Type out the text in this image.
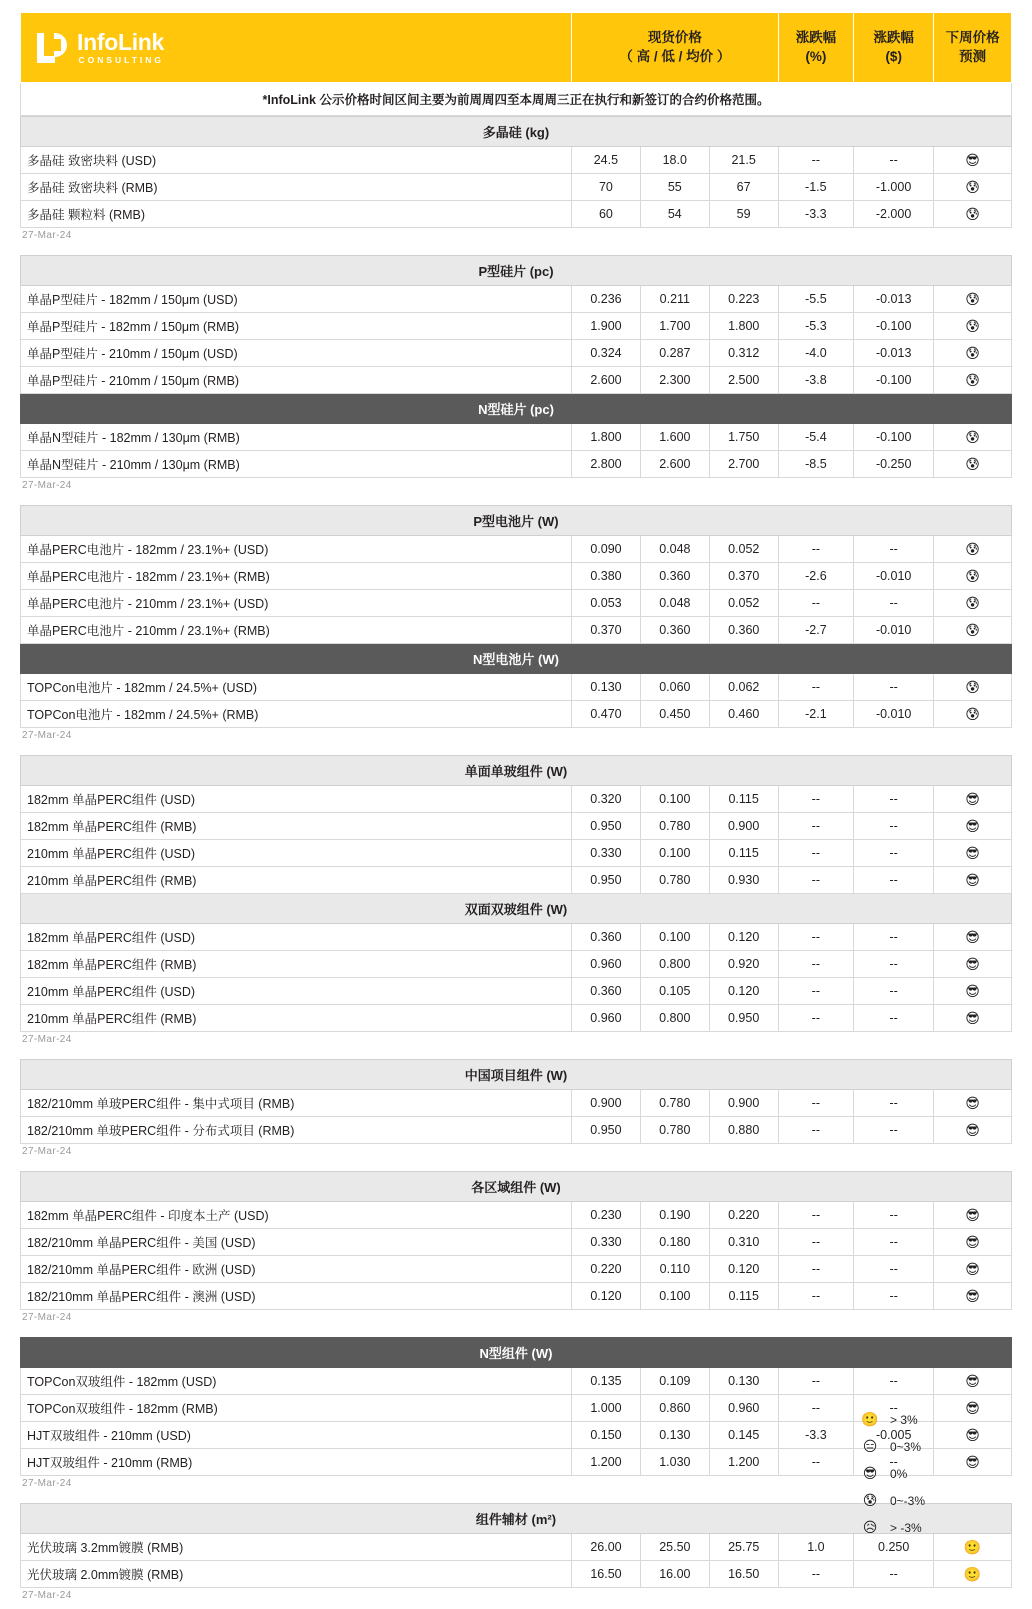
InfoLink
CONSULTING

现货价格
（ 高 / 低 / 均价 ）

涨跌幅
(%)

涨跌幅
($)

下周价格
预测

*InfoLink 公示价格时间区间主要为前周周四至本周周三正在执行和新签订的合约价格范围。
多晶硅 (kg)						
多晶硅 致密块料 (USD)	24.5	18.0	21.5	--	--	😎
多晶硅 致密块料 (RMB)	70	55	67	-1.5	-1.000	😰
多晶硅 颗粒料 (RMB)	60	54	59	-3.3	-2.000	😰
27-Mar-24
P型硅片 (pc)						
单晶P型硅片 - 182mm / 150μm (USD)	0.236	0.211	0.223	-5.5	-0.013	😰
单晶P型硅片 - 182mm / 150μm (RMB)	1.900	1.700	1.800	-5.3	-0.100	😰
单晶P型硅片 - 210mm / 150μm (USD)	0.324	0.287	0.312	-4.0	-0.013	😰
单晶P型硅片 - 210mm / 150μm (RMB)	2.600	2.300	2.500	-3.8	-0.100	😰
N型硅片 (pc)						
单晶N型硅片 - 182mm / 130μm (RMB)	1.800	1.600	1.750	-5.4	-0.100	😰
单晶N型硅片 - 210mm / 130μm (RMB)	2.800	2.600	2.700	-8.5	-0.250	😰
27-Mar-24
P型电池片 (W)						
单晶PERC电池片 - 182mm / 23.1%+ (USD)	0.090	0.048	0.052	--	--	😰
单晶PERC电池片 - 182mm / 23.1%+ (RMB)	0.380	0.360	0.370	-2.6	-0.010	😰
单晶PERC电池片 - 210mm / 23.1%+ (USD)	0.053	0.048	0.052	--	--	😰
单晶PERC电池片 - 210mm / 23.1%+ (RMB)	0.370	0.360	0.360	-2.7	-0.010	😰
N型电池片 (W)						
TOPCon电池片 - 182mm / 24.5%+ (USD)	0.130	0.060	0.062	--	--	😰
TOPCon电池片 - 182mm / 24.5%+ (RMB)	0.470	0.450	0.460	-2.1	-0.010	😰
27-Mar-24
单面单玻组件 (W)						
182mm 单晶PERC组件 (USD)	0.320	0.100	0.115	--	--	😎
182mm 单晶PERC组件 (RMB)	0.950	0.780	0.900	--	--	😎
210mm 单晶PERC组件 (USD)	0.330	0.100	0.115	--	--	😎
210mm 单晶PERC组件 (RMB)	0.950	0.780	0.930	--	--	😎
双面双玻组件 (W)						
182mm 单晶PERC组件 (USD)	0.360	0.100	0.120	--	--	😎
182mm 单晶PERC组件 (RMB)	0.960	0.800	0.920	--	--	😎
210mm 单晶PERC组件 (USD)	0.360	0.105	0.120	--	--	😎
210mm 单晶PERC组件 (RMB)	0.960	0.800	0.950	--	--	😎
27-Mar-24
中国项目组件 (W)						
182/210mm 单玻PERC组件 - 集中式项目 (RMB)	0.900	0.780	0.900	--	--	😎
182/210mm 单玻PERC组件 - 分布式项目 (RMB)	0.950	0.780	0.880	--	--	😎
27-Mar-24
各区域组件 (W)						
182mm 单晶PERC组件 - 印度本土产 (USD)	0.230	0.190	0.220	--	--	😎
182/210mm 单晶PERC组件 - 美国 (USD)	0.330	0.180	0.310	--	--	😎
182/210mm 单晶PERC组件 - 欧洲 (USD)	0.220	0.110	0.120	--	--	😎
182/210mm 单晶PERC组件 - 澳洲 (USD)	0.120	0.100	0.115	--	--	😎
27-Mar-24
N型组件 (W)						
TOPCon双玻组件 - 182mm (USD)	0.135	0.109	0.130	--	--	😎
TOPCon双玻组件 - 182mm (RMB)	1.000	0.860	0.960	--	--	😎
HJT双玻组件 - 210mm (USD)	0.150	0.130	0.145	-3.3	-0.005	😎
HJT双玻组件 - 210mm (RMB)	1.200	1.030	1.200	--	--	😎
27-Mar-24
组件辅材 (m²)						
光伏玻璃 3.2mm镀膜 (RMB)	26.00	25.50	25.75	1.0	0.250	🙂
光伏玻璃 2.0mm镀膜 (RMB)	16.50	16.00	16.50	--	--	🙂
27-Mar-24
🙂 > 3%
😑 0~3%
😎 0%
😰 0~-3%
😥 > -3%
